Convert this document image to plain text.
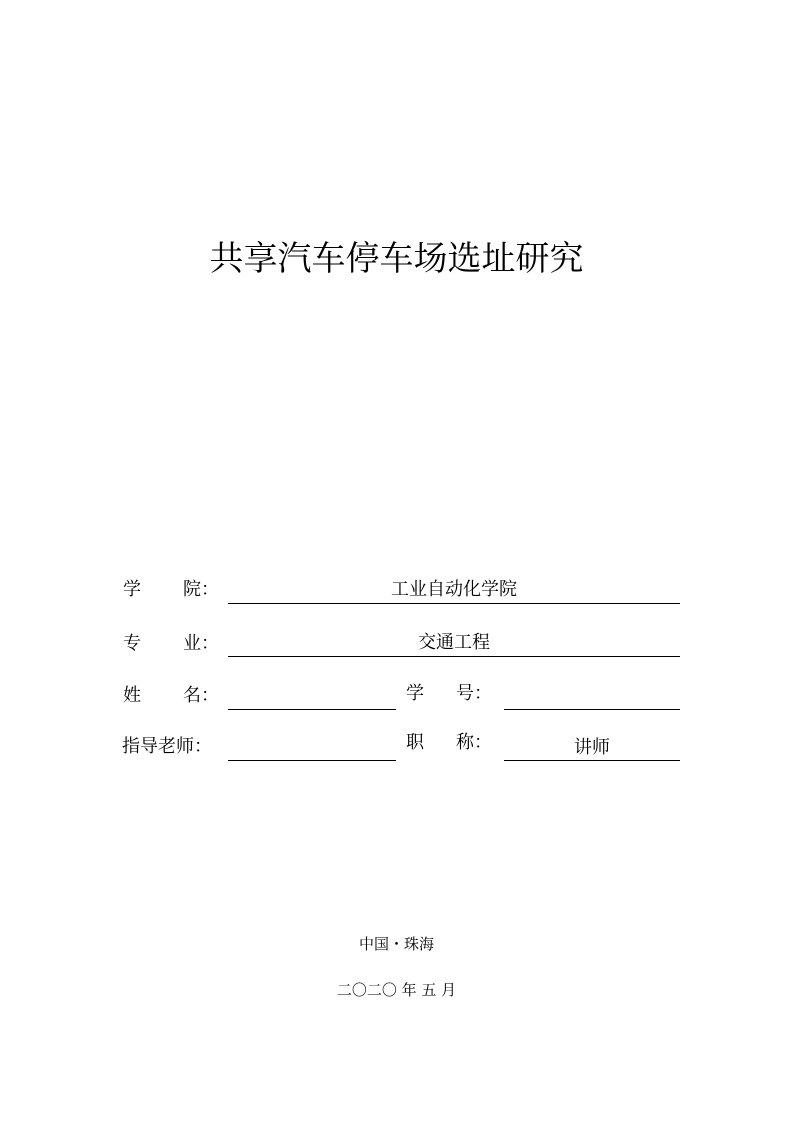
共享汽车停车场选址研究
学 院：	工业自动化学院
专 业：	交通工程
姓 名：	学 号：
指导老师：	职 称：	讲师
中国・珠海
二〇二〇 年 五 月
